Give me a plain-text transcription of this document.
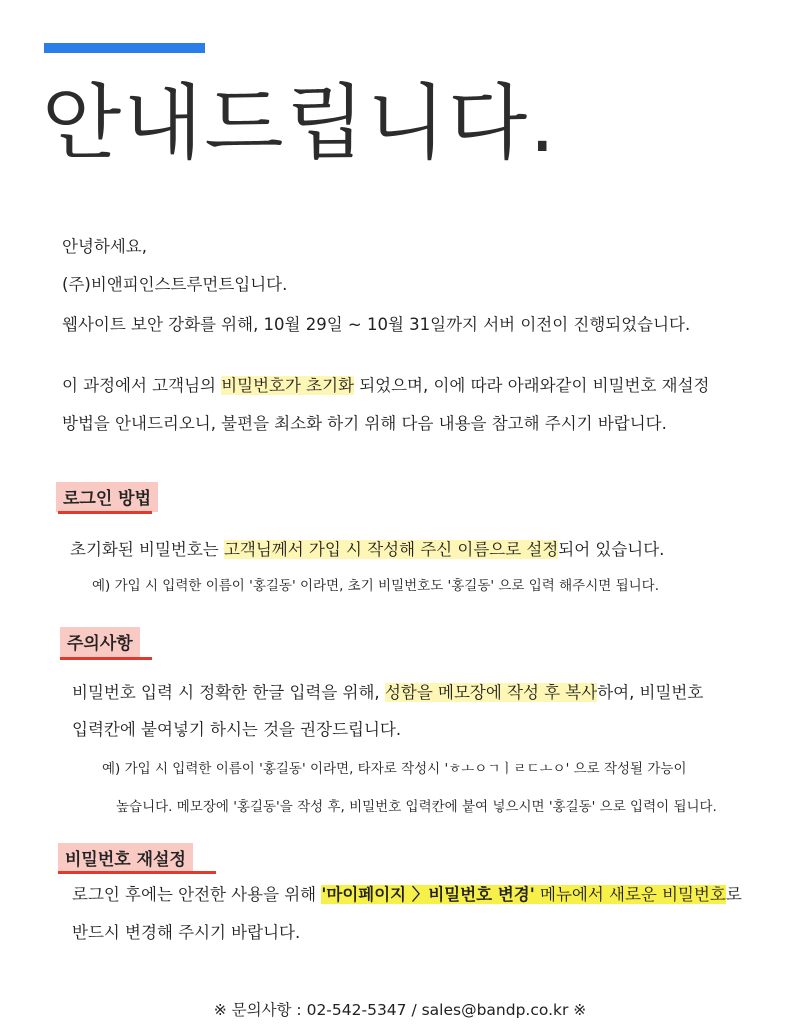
안내드립니다.
안녕하세요,
(주)비앤피인스트루먼트입니다.
웹사이트 보안 강화를 위해, 10월 29일 ~ 10월 31일까지 서버 이전이 진행되었습니다.
이 과정에서 고객님의 비밀번호가 초기화 되었으며, 이에 따라 아래와같이 비밀번호 재설정
방법을 안내드리오니, 불편을 최소화 하기 위해 다음 내용을 참고해 주시기 바랍니다.
로그인 방법
초기화된 비밀번호는 고객님께서 가입 시 작성해 주신 이름으로 설정되어 있습니다.
예) 가입 시 입력한 이름이 '홍길동' 이라면, 초기 비밀번호도 '홍길동' 으로 입력 해주시면 됩니다.
주의사항
비밀번호 입력 시 정확한 한글 입력을 위해, 성함을 메모장에 작성 후 복사하여, 비밀번호
입력칸에 붙여넣기 하시는 것을 권장드립니다.
예) 가입 시 입력한 이름이 '홍길동' 이라면, 타자로 작성시 'ㅎㅗㅇㄱㅣㄹㄷㅗㅇ' 으로 작성될 가능이
높습니다. 메모장에 '홍길동'을 작성 후, 비밀번호 입력칸에 붙여 넣으시면 '홍길동' 으로 입력이 됩니다.
비밀번호 재설정
로그인 후에는 안전한 사용을 위해 '마이페이지 〉비밀번호 변경' 메뉴에서 새로운 비밀번호로
반드시 변경해 주시기 바랍니다.
※ 문의사항 : 02-542-5347 / sales@bandp.co.kr ※
